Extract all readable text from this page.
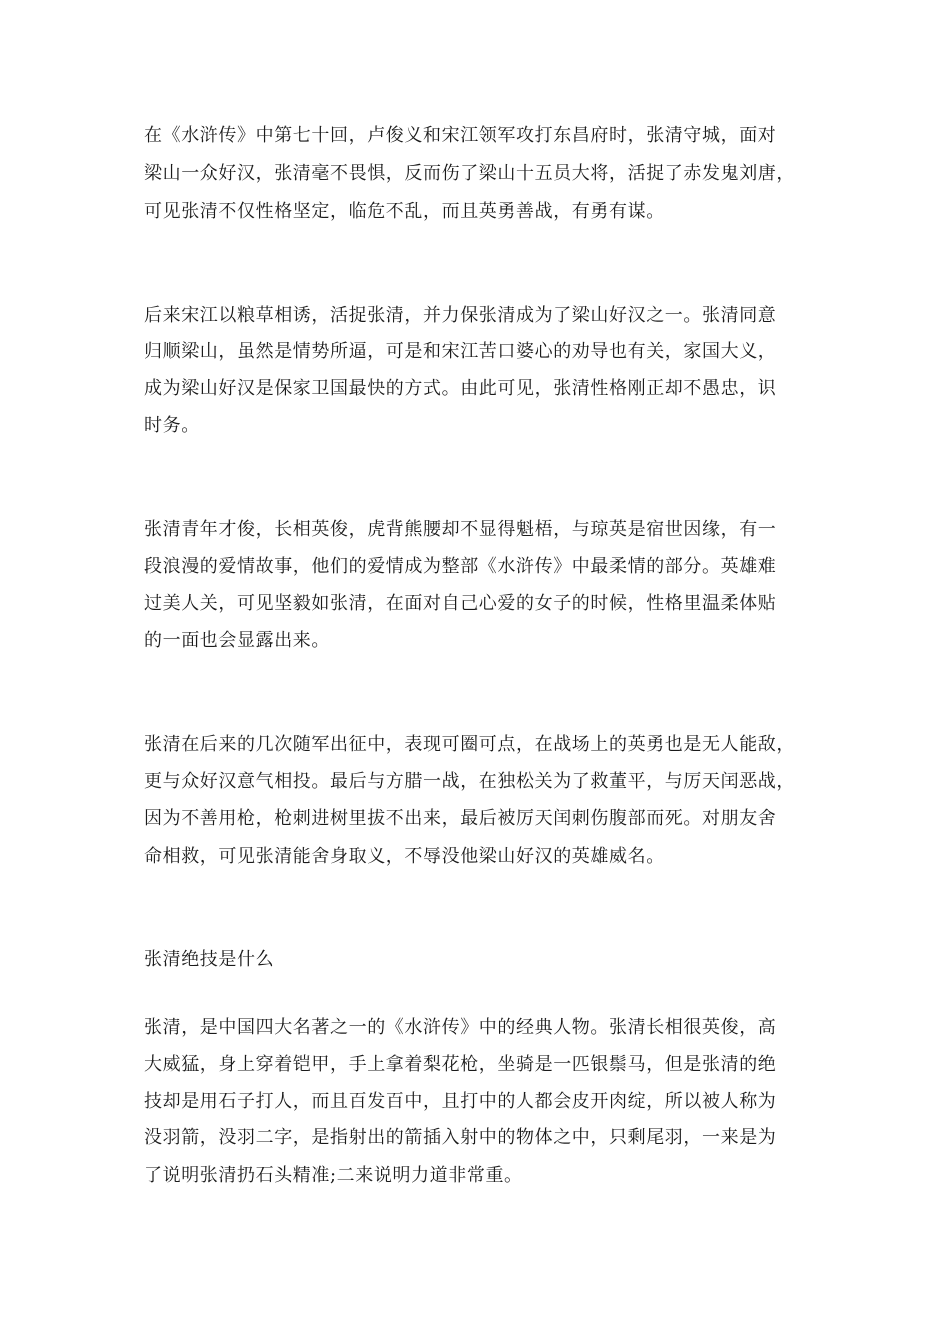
在《水浒传》中第七十回，卢俊义和宋江领军攻打东昌府时，张清守城，面对
梁山一众好汉，张清毫不畏惧，反而伤了梁山十五员大将，活捉了赤发鬼刘唐，
可见张清不仅性格坚定，临危不乱，而且英勇善战，有勇有谋。
后来宋江以粮草相诱，活捉张清，并力保张清成为了梁山好汉之一。张清同意
归顺梁山，虽然是情势所逼，可是和宋江苦口婆心的劝导也有关，家国大义，
成为梁山好汉是保家卫国最快的方式。由此可见，张清性格刚正却不愚忠，识
时务。
张清青年才俊，长相英俊，虎背熊腰却不显得魁梧，与琼英是宿世因缘，有一
段浪漫的爱情故事，他们的爱情成为整部《水浒传》中最柔情的部分。英雄难
过美人关，可见坚毅如张清，在面对自己心爱的女子的时候，性格里温柔体贴
的一面也会显露出来。
张清在后来的几次随军出征中，表现可圈可点，在战场上的英勇也是无人能敌，
更与众好汉意气相投。最后与方腊一战，在独松关为了救董平，与厉天闰恶战，
因为不善用枪，枪刺进树里拔不出来，最后被厉天闰刺伤腹部而死。对朋友舍
命相救，可见张清能舍身取义，不辱没他梁山好汉的英雄威名。
张清绝技是什么
张清，是中国四大名著之一的《水浒传》中的经典人物。张清长相很英俊，高
大威猛，身上穿着铠甲，手上拿着梨花枪，坐骑是一匹银鬃马，但是张清的绝
技却是用石子打人，而且百发百中，且打中的人都会皮开肉绽，所以被人称为
没羽箭，没羽二字，是指射出的箭插入射中的物体之中，只剩尾羽，一来是为
了说明张清扔石头精准;二来说明力道非常重。
